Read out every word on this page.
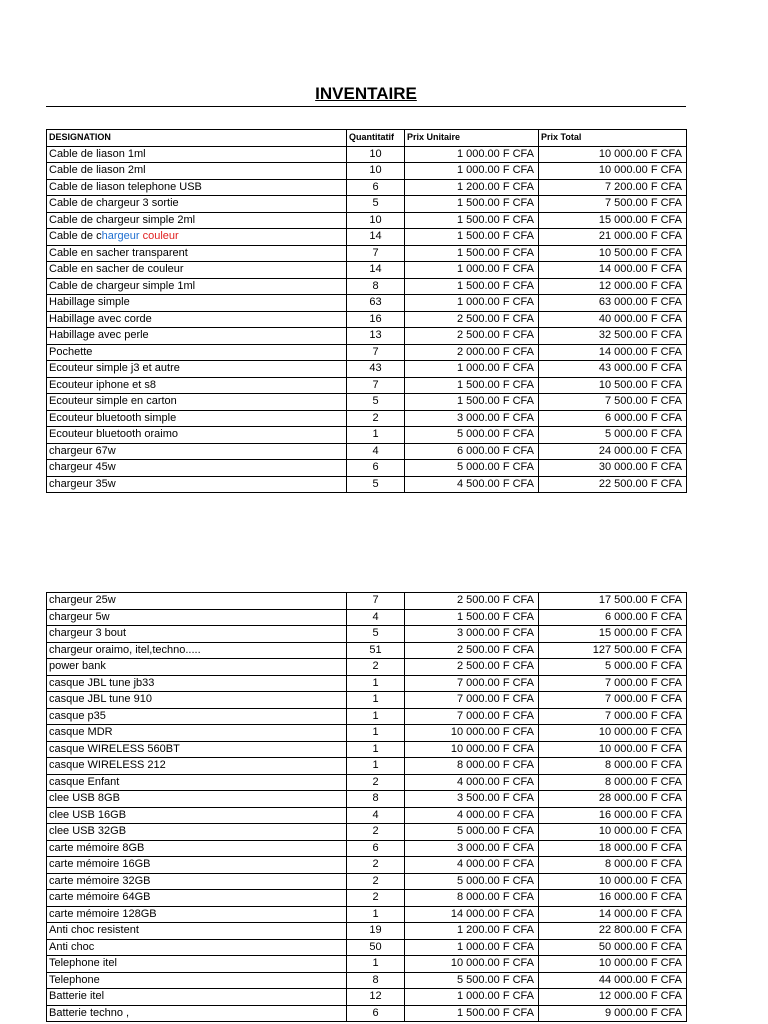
INVENTAIRE
DESIGNATION	Quantitatif	Prix Unitaire	Prix Total
Cable de liason 1ml	10	1 000.00 F CFA	10 000.00 F CFA
Cable de liason 2ml	10	1 000.00 F CFA	10 000.00 F CFA
Cable de liason telephone USB	6	1 200.00 F CFA	7 200.00 F CFA
Cable de chargeur 3 sortie	5	1 500.00 F CFA	7 500.00 F CFA
Cable de chargeur simple 2ml	10	1 500.00 F CFA	15 000.00 F CFA
Cable de chargeur couleur	14	1 500.00 F CFA	21 000.00 F CFA
Cable en sacher transparent	7	1 500.00 F CFA	10 500.00 F CFA
Cable en sacher de couleur	14	1 000.00 F CFA	14 000.00 F CFA
Cable de chargeur simple 1ml	8	1 500.00 F CFA	12 000.00 F CFA
Habillage simple	63	1 000.00 F CFA	63 000.00 F CFA
Habillage avec corde	16	2 500.00 F CFA	40 000.00 F CFA
Habillage avec perle	13	2 500.00 F CFA	32 500.00 F CFA
Pochette	7	2 000.00 F CFA	14 000.00 F CFA
Ecouteur simple j3 et autre	43	1 000.00 F CFA	43 000.00 F CFA
Ecouteur iphone et s8	7	1 500.00 F CFA	10 500.00 F CFA
Ecouteur simple en carton	5	1 500.00 F CFA	7 500.00 F CFA
Ecouteur bluetooth simple	2	3 000.00 F CFA	6 000.00 F CFA
Ecouteur bluetooth oraimo	1	5 000.00 F CFA	5 000.00 F CFA
chargeur 67w	4	6 000.00 F CFA	24 000.00 F CFA
chargeur 45w	6	5 000.00 F CFA	30 000.00 F CFA
chargeur 35w	5	4 500.00 F CFA	22 500.00 F CFA
chargeur 25w	7	2 500.00 F CFA	17 500.00 F CFA
chargeur 5w	4	1 500.00 F CFA	6 000.00 F CFA
chargeur 3 bout	5	3 000.00 F CFA	15 000.00 F CFA
chargeur oraimo, itel,techno.....	51	2 500.00 F CFA	127 500.00 F CFA
power bank	2	2 500.00 F CFA	5 000.00 F CFA
casque JBL tune jb33	1	7 000.00 F CFA	7 000.00 F CFA
casque JBL tune 910	1	7 000.00 F CFA	7 000.00 F CFA
casque p35	1	7 000.00 F CFA	7 000.00 F CFA
casque MDR	1	10 000.00 F CFA	10 000.00 F CFA
casque WIRELESS 560BT	1	10 000.00 F CFA	10 000.00 F CFA
casque WIRELESS 212	1	8 000.00 F CFA	8 000.00 F CFA
casque Enfant	2	4 000.00 F CFA	8 000.00 F CFA
clee USB 8GB	8	3 500.00 F CFA	28 000.00 F CFA
clee USB 16GB	4	4 000.00 F CFA	16 000.00 F CFA
clee USB 32GB	2	5 000.00 F CFA	10 000.00 F CFA
carte mémoire 8GB	6	3 000.00 F CFA	18 000.00 F CFA
carte mémoire 16GB	2	4 000.00 F CFA	8 000.00 F CFA
carte mémoire 32GB	2	5 000.00 F CFA	10 000.00 F CFA
carte mémoire 64GB	2	8 000.00 F CFA	16 000.00 F CFA
carte mémoire 128GB	1	14 000.00 F CFA	14 000.00 F CFA
Anti choc resistent	19	1 200.00 F CFA	22 800.00 F CFA
Anti choc	50	1 000.00 F CFA	50 000.00 F CFA
Telephone itel	1	10 000.00 F CFA	10 000.00 F CFA
Telephone	8	5 500.00 F CFA	44 000.00 F CFA
Batterie itel	12	1 000.00 F CFA	12 000.00 F CFA
Batterie techno ,	6	1 500.00 F CFA	9 000.00 F CFA
